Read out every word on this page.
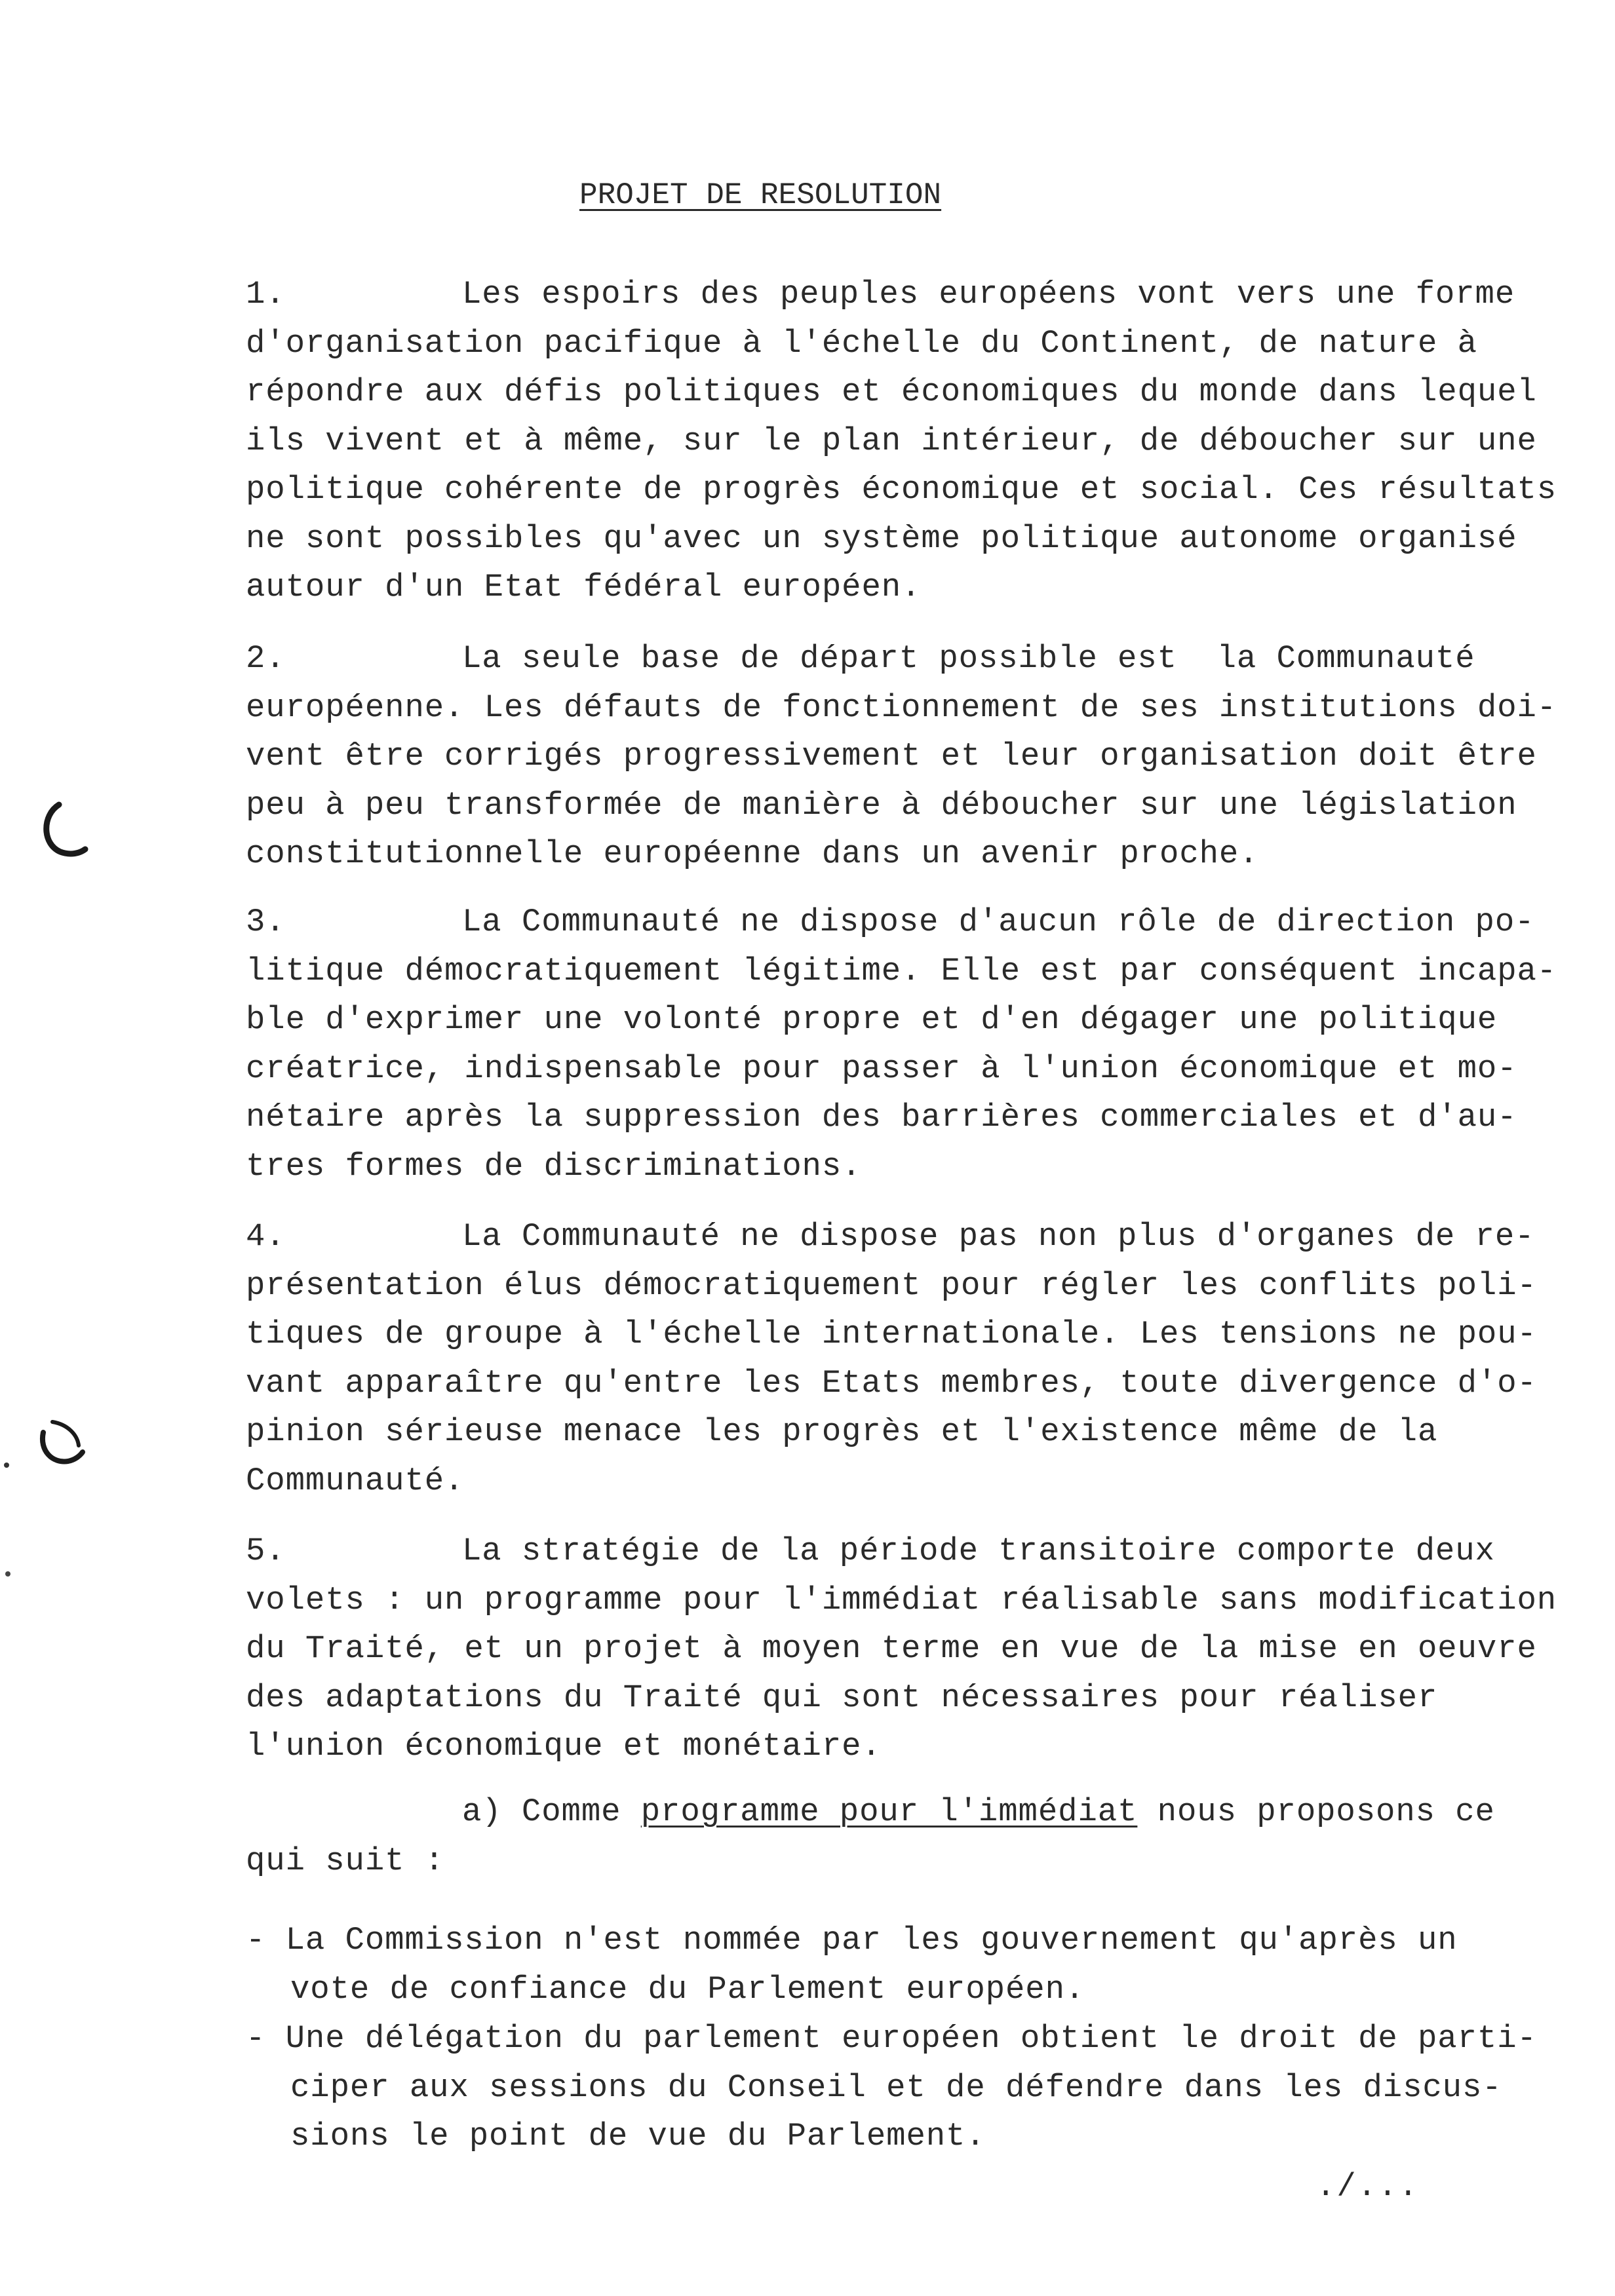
PROJET DE RESOLUTION
1.	Les espoirs des peuples européens vont vers une forme
d'organisation pacifique à l'échelle du Continent, de nature à
répondre aux défis politiques et économiques du monde dans lequel
ils vivent et à même, sur le plan intérieur, de déboucher sur une
politique cohérente de progrès économique et social. Ces résultats
ne sont possibles qu'avec un système politique autonome organisé
autour d'un Etat fédéral européen.
2.	La seule base de départ possible est  la Communauté
européenne. Les défauts de fonctionnement de ses institutions doi-
vent être corrigés progressivement et leur organisation doit être
peu à peu transformée de manière à déboucher sur une législation
constitutionnelle européenne dans un avenir proche.
3.	La Communauté ne dispose d'aucun rôle de direction po-
litique démocratiquement légitime. Elle est par conséquent incapa-
ble d'exprimer une volonté propre et d'en dégager une politique
créatrice, indispensable pour passer à l'union économique et mo-
nétaire après la suppression des barrières commerciales et d'au-
tres formes de discriminations.
4.	La Communauté ne dispose pas non plus d'organes de re-
présentation élus démocratiquement pour régler les conflits poli-
tiques de groupe à l'échelle internationale. Les tensions ne pou-
vant apparaître qu'entre les Etats membres, toute divergence d'o-
pinion sérieuse menace les progrès et l'existence même de la
Communauté.
5.	La stratégie de la période transitoire comporte deux
volets : un programme pour l'immédiat réalisable sans modification
du Traité, et un projet à moyen terme en vue de la mise en oeuvre
des adaptations du Traité qui sont nécessaires pour réaliser
l'union économique et monétaire.
a) Comme programme pour l'immédiat nous proposons ce
qui suit :
- La Commission n'est nommée par les gouvernement qu'après un
vote de confiance du Parlement européen.
- Une délégation du parlement européen obtient le droit de parti-
ciper aux sessions du Conseil et de défendre dans les discus-
sions le point de vue du Parlement.
./...
